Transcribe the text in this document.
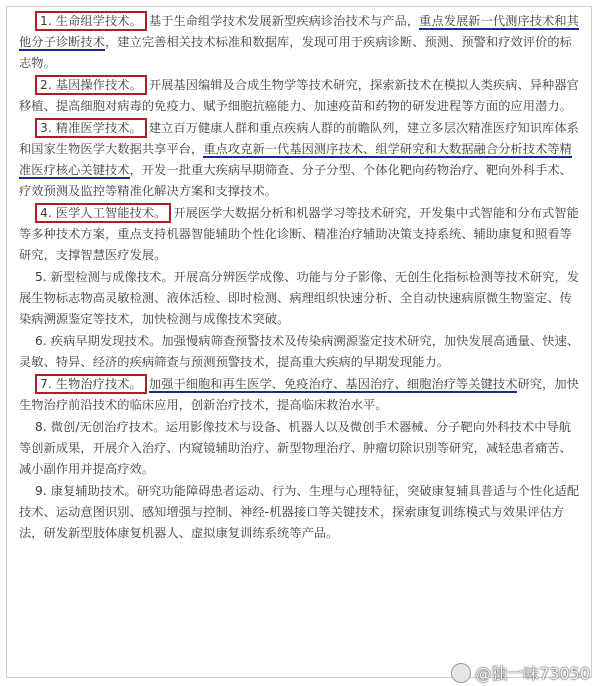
1. 生命组学技术。 基于生命组学技术发展新型疾病诊治技术与产品，重点发展新一代测序技术和其他分子诊断技术，建立完善相关技术标准和数据库，发现可用于疾病诊断、预测、预警和疗效评价的标志物。

2. 基因操作技术。 开展基因编辑及合成生物学等技术研究，探索新技术在模拟人类疾病、异种器官移植、提高细胞对病毒的免疫力、赋予细胞抗癌能力、加速疫苗和药物的研发进程等方面的应用潜力。

3. 精准医学技术。 建立百万健康人群和重点疾病人群的前瞻队列，建立多层次精准医疗知识库体系和国家生物医学大数据共享平台，重点攻克新一代基因测序技术、组学研究和大数据融合分析技术等精准医疗核心关键技术，开发一批重大疾病早期筛查、分子分型、个体化靶向药物治疗、靶向外科手术、疗效预测及监控等精准化解决方案和支撑技术。

4. 医学人工智能技术。 开展医学大数据分析和机器学习等技术研究，开发集中式智能和分布式智能等多种技术方案，重点支持机器智能辅助个性化诊断、精准治疗辅助决策支持系统、辅助康复和照看等研究，支撑智慧医疗发展。

5. 新型检测与成像技术。开展高分辨医学成像、功能与分子影像、无创生化指标检测等技术研究，发展生物标志物高灵敏检测、液体活检、即时检测、病理组织快速分析、全自动快速病原微生物鉴定、传染病溯源鉴定等技术，加快检测与成像技术突破。

6. 疾病早期发现技术。加强慢病筛查预警技术及传染病溯源鉴定技术研究，加快发展高通量、快速、灵敏、特异、经济的疾病筛查与预测预警技术，提高重大疾病的早期发现能力。

7. 生物治疗技术。 加强干细胞和再生医学、免疫治疗、基因治疗、细胞治疗等关键技术研究，加快生物治疗前沿技术的临床应用，创新治疗技术，提高临床救治水平。

8. 微创/无创治疗技术。运用影像技术与设备、机器人以及微创手术器械、分子靶向外科技术中导航等创新成果，开展介入治疗、内窥镜辅助治疗、新型物理治疗、肿瘤切除识别等研究，减轻患者痛苦、减小副作用并提高疗效。

9. 康复辅助技术。研究功能障碍患者运动、行为、生理与心理特征，突破康复辅具普适与个性化适配技术、运动意图识别、感知增强与控制、神经-机器接口等关键技术，探索康复训练模式与效果评估方法，研发新型肢体康复机器人、虚拟康复训练系统等产品。

@独一味73050
